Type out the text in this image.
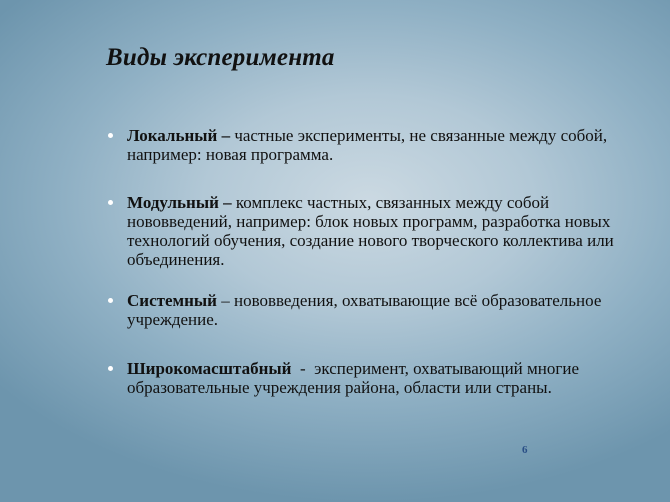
Виды эксперимента
Локальный – частные эксперименты, не связанные между собой, например: новая программа.
Модульный – комплекс частных, связанных между собой нововведений, например: блок новых программ, разработка новых технологий обучения, создание нового творческого коллектива или объединения.
Системный – нововведения, охватывающие всё образовательное учреждение.
Широкомасштабный  -  эксперимент, охватывающий многие образовательные учреждения района, области или страны.
6
